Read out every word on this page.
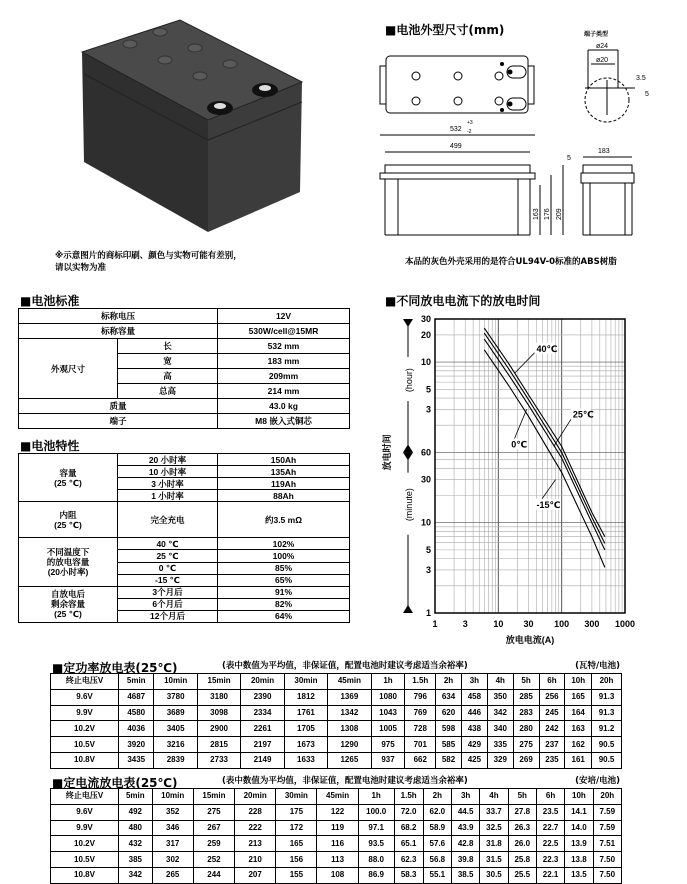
※示意图片的商标印刷、颜色与实物可能有差别，
请以实物为准
■电池外型尺寸(mm)	端子类型
532
499
183
ø24
ø20
3.5
5
5
163 176 209
+3
-2
本品的灰色外壳采用的是符合UL94V-0标准的ABS树脂
■电池标准
标称电压		12V
标称容量		530W/cell@15MR
外观尺寸	长	532 mm
	宽	183 mm
	高	209mm
	总高	214 mm
质量		43.0 kg
端子		M8 嵌入式铜芯
■电池特性
容量
(25 ℃)	20 小时率	150Ah
	10 小时率	135Ah
	3 小时率	119Ah
	1 小时率	88Ah

内阻
(25 ℃)	完全充电	约3.5 mΩ

不同温度下
的放电容量
(20小时率)	40 ℃	102%
	25 ℃	100%
	0 ℃	85%
	-15 ℃	65%

自放电后
剩余容量
(25 ℃)	3个月后	91%
	6个月后	82%
	12个月后	64%
■不同放电电流下的放电时间
1	3	10 30 100 300 1000
1
3
5
10
30
60
3
5
10
20
30
(hour)
(minute)
放电时间
放电电流(A)
40℃
25℃
0℃
-15℃
■定功率放电表(25℃)	(表中数值为平均值，非保证值，配置电池时建议考虑适当余裕率)	(瓦特/电池)
终止电压V	5min	10min	15min	20min	30min	45min	1h	1.5h	2h	3h	4h	5h	6h	10h	20h
9.6V	4687	3780	3180	2390	1812	1369	1080	796	634	458	350	285	256	165	91.3
9.9V	4580	3689	3098	2334	1761	1342	1043	769	620	446	342	283	245	164	91.3
10.2V	4036	3405	2900	2261	1705	1308	1005	728	598	438	340	280	242	163	91.2
10.5V	3920	3216	2815	2197	1673	1290	975	701	585	429	335	275	237	162	90.5
10.8V	3435	2839	2733	2149	1633	1265	937	662	582	425	329	269	235	161	90.5
■定电流放电表(25℃)	(表中数值为平均值，非保证值，配置电池时建议考虑适当余裕率)	(安培/电池)
终止电压V	5min	10min	15min	20min	30min	45min	1h	1.5h	2h	3h	4h	5h	6h	10h	20h
9.6V	492	352	275	228	175	122	100.0	72.0	62.0	44.5	33.7	27.8	23.5	14.1	7.59
9.9V	480	346	267	222	172	119	97.1	68.2	58.9	43.9	32.5	26.3	22.7	14.0	7.59
10.2V	432	317	259	213	165	116	93.5	65.1	57.6	42.8	31.8	26.0	22.5	13.9	7.51
10.5V	385	302	252	210	156	113	88.0	62.3	56.8	39.8	31.5	25.8	22.3	13.8	7.50
10.8V	342	265	244	207	155	108	86.9	58.3	55.1	38.5	30.5	25.5	22.1	13.5	7.50
